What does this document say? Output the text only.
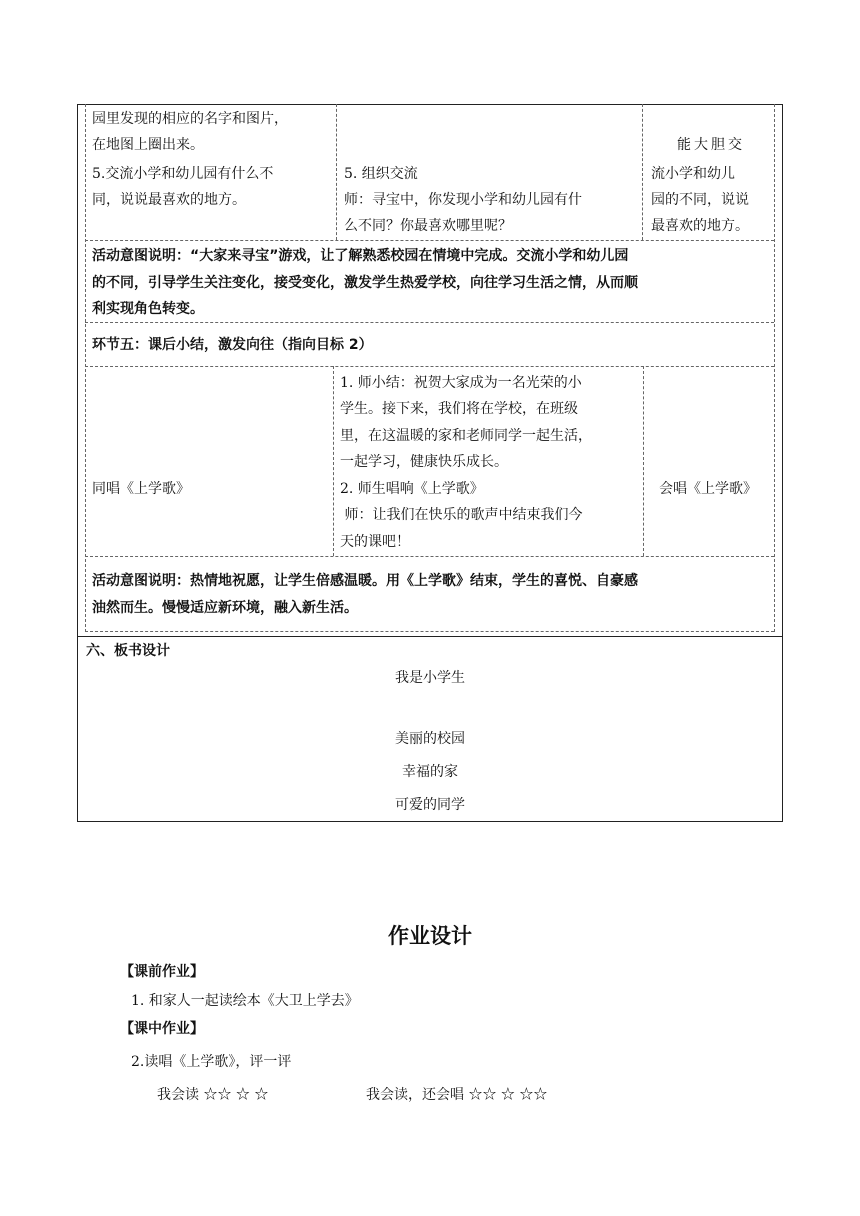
园里发现的相应的名字和图片，
在地图上圈出来。
5.交流小学和幼儿园有什么不
同，说说最喜欢的地方。
5. 组织交流
师：寻宝中，你发现小学和幼儿园有什
么不同？你最喜欢哪里呢？
能大胆交
流小学和幼儿
园的不同，说说
最喜欢的地方。
活动意图说明：“大家来寻宝”游戏，让了解熟悉校园在情境中完成。交流小学和幼儿园
的不同，引导学生关注变化，接受变化，激发学生热爱学校，向往学习生活之情，从而顺
利实现角色转变。
环节五：课后小结，激发向往（指向目标 2）
同唱《上学歌》
1. 师小结：祝贺大家成为一名光荣的小
学生。接下来，我们将在学校，在班级
里，在这温暖的家和老师同学一起生活，
一起学习，健康快乐成长。
2. 师生唱响《上学歌》
师：让我们在快乐的歌声中结束我们今
天的课吧！
会唱《上学歌》
活动意图说明：热情地祝愿，让学生倍感温暖。用《上学歌》结束，学生的喜悦、自豪感
油然而生。慢慢适应新环境，融入新生活。
六、板书设计
我是小学生
美丽的校园
幸福的家
可爱的同学
作业设计
【课前作业】
1. 和家人一起读绘本《大卫上学去》
【课中作业】
2.读唱《上学歌》，评一评
我会读 ☆☆ ☆ ☆	我会读，还会唱 ☆☆ ☆ ☆☆
